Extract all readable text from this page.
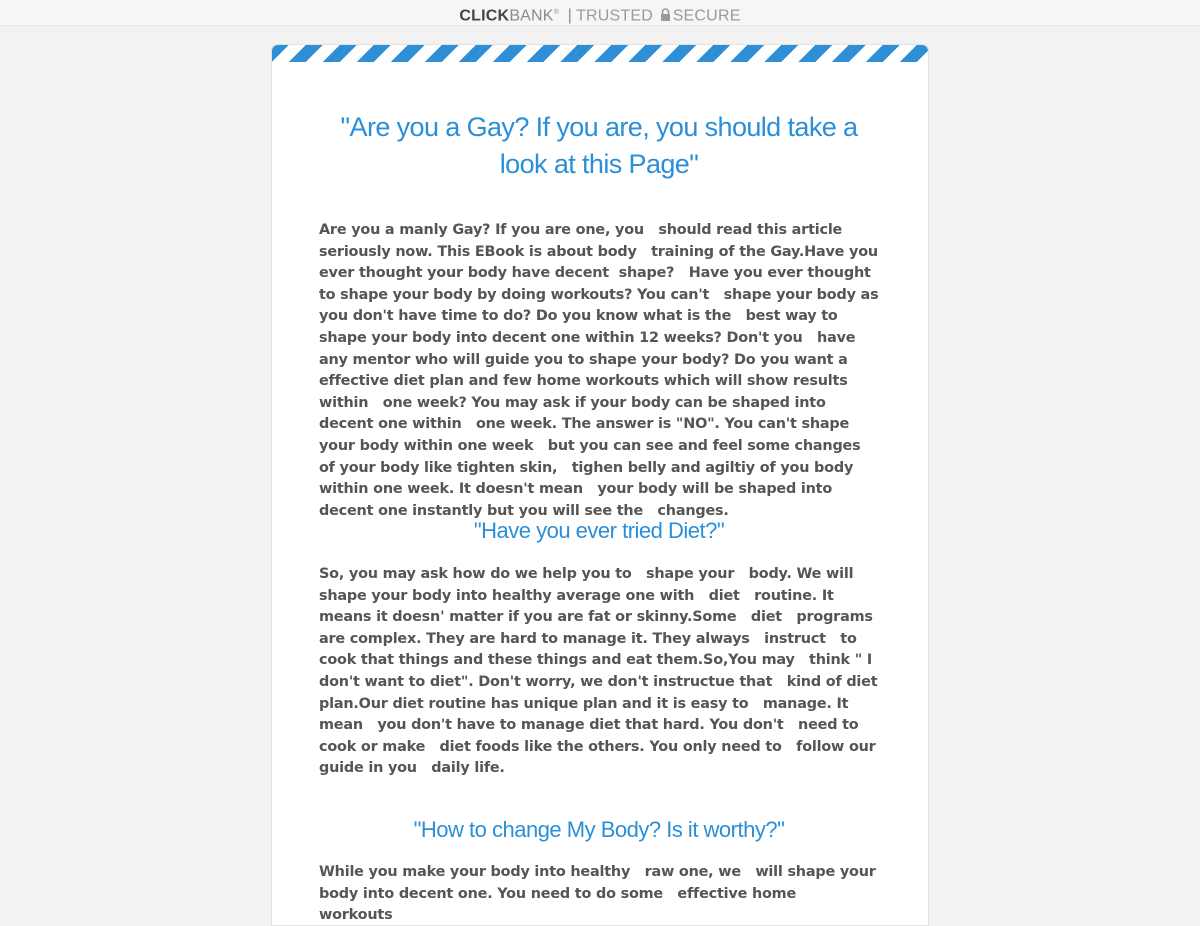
CLICKBANK® | TRUSTED SECURE
"Are you a Gay? If you are, you should take a look at this Page"

Are you a manly Gay? If you are one, you   should read this article seriously now. This EBook is about body   training of the Gay.Have you ever thought your body have decent  shape?   Have you ever thought to shape your body by doing workouts? You can't   shape your body as you don't have time to do? Do you know what is the   best way to shape your body into decent one within 12 weeks? Don't you   have any mentor who will guide you to shape your body? Do you want a   effective diet plan and few home workouts which will show results within   one week? You may ask if your body can be shaped into decent one within   one week. The answer is "NO". You can't shape your body within one week   but you can see and feel some changes of your body like tighten skin,   tighen belly and agiltiy of you body within one week. It doesn't mean   your body will be shaped into decent one instantly but you will see the   changes.

"Have you ever tried Diet?"

So, you may ask how do we help you to   shape your   body. We will shape your body into healthy average one with   diet   routine. It means it doesn' matter if you are fat or skinny.Some   diet   programs are complex. They are hard to manage it. They always   instruct   to cook that things and these things and eat them.So,You may   think " I   don't want to diet". Don't worry, we don't instructue that   kind of diet   plan.Our diet routine has unique plan and it is easy to   manage. It mean   you don't have to manage diet that hard. You don't   need to cook or make   diet foods like the others. You only need to   follow our guide in you   daily life.

"How to change My Body? Is it worthy?"

While you make your body into healthy   raw one, we   will shape your body into decent one. You need to do some   effective home   workouts
